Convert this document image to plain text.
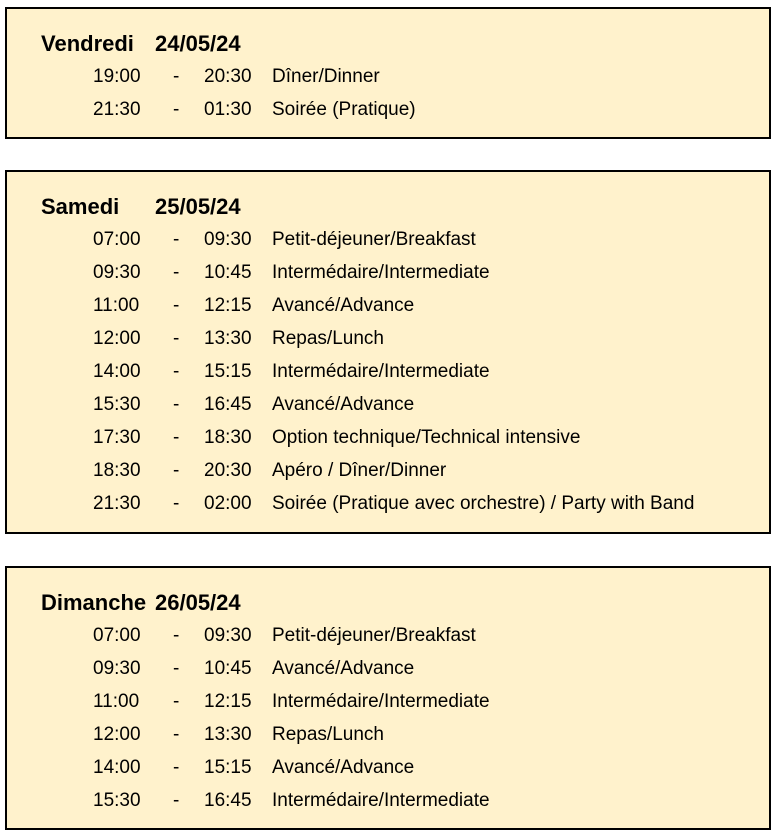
Vendredi 24/05/24
19:00 - 20:30 Dîner/Dinner
21:30 - 01:30 Soirée (Pratique)
Samedi	25/05/24
07:00 - 09:30 Petit-déjeuner/Breakfast
09:30 - 10:45 Intermédaire/Intermediate
11:00 - 12:15 Avancé/Advance
12:00 - 13:30 Repas/Lunch
14:00 - 15:15 Intermédaire/Intermediate
15:30 - 16:45 Avancé/Advance
17:30 - 18:30 Option technique/Technical intensive
18:30 - 20:30 Apéro / Dîner/Dinner
21:30 - 02:00 Soirée (Pratique avec orchestre) / Party with Band
Dimanche 26/05/24
07:00 - 09:30 Petit-déjeuner/Breakfast
09:30 - 10:45 Avancé/Advance
11:00 - 12:15 Intermédaire/Intermediate
12:00 - 13:30 Repas/Lunch
14:00 - 15:15 Avancé/Advance
15:30 - 16:45 Intermédaire/Intermediate
